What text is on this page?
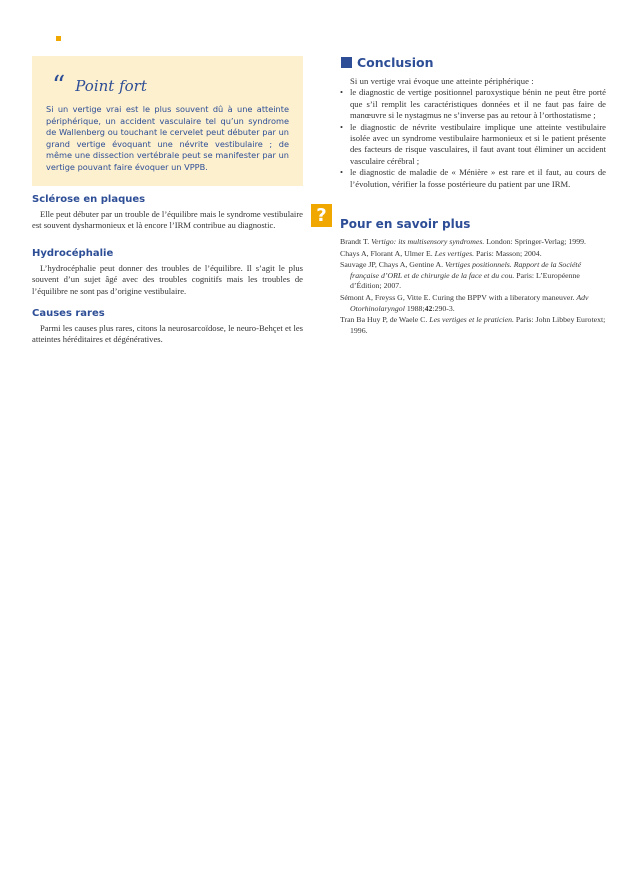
“ Point fort
Si un vertige vrai est le plus souvent dû à une atteinte périphérique, un accident vasculaire tel qu’un syndrome de Wallenberg ou touchant le cervelet peut débuter par un grand vertige évoquant une névrite vestibulaire ; de même une dissection vertébrale peut se manifester par un vertige pouvant faire évoquer un VPPB.
Sclérose en plaques

Elle peut débuter par un trouble de l’équilibre mais le syndrome vestibulaire est souvent dysharmonieux et là encore l’IRM contribue au diagnostic.

Hydrocéphalie

L’hydrocéphalie peut donner des troubles de l’équilibre. Il s’agit le plus souvent d’un sujet âgé avec des troubles cognitifs mais les troubles de l’équilibre ne sont pas d’origine vestibulaire.

Causes rares

Parmi les causes plus rares, citons la neurosarcoïdose, le neuro-Behçet et les atteintes héréditaires et dégénératives.

Conclusion

Si un vertige vrai évoque une atteinte périphérique :

• le diagnostic de vertige positionnel paroxystique bénin ne peut être porté que s’il remplit les caractéristiques données et il ne faut pas faire de manœuvre si le nystagmus ne s’inverse pas au retour à l’orthostatisme ;
• le diagnostic de névrite vestibulaire implique une atteinte vestibulaire isolée avec un syndrome vestibulaire harmonieux et si le patient présente des facteurs de risque vasculaires, il faut avant tout éliminer un accident vasculaire cérébral ;
• le diagnostic de maladie de « Ménière » est rare et il faut, au cours de l’évolution, vérifier la fosse postérieure du patient par une IRM.
?	Pour en savoir plus

Brandt T. Vertigo: its multisensory syndromes. London: Springer-Verlag; 1999.

Chays A, Florant A, Ulmer E. Les vertiges. Paris: Masson; 2004.

Sauvage JP, Chays A, Gentine A. Vertiges positionnels. Rapport de la Société française d’ORL et de chirurgie de la face et du cou. Paris: L’Européenne d’Édition; 2007.

Sémont A, Freyss G, Vitte E. Curing the BPPV with a liberatory maneuver. Adv Otorhinolaryngol 1988;42:290-3.

Tran Ba Huy P, de Waele C. Les vertiges et le praticien. Paris: John Libbey Eurotext; 1996.
